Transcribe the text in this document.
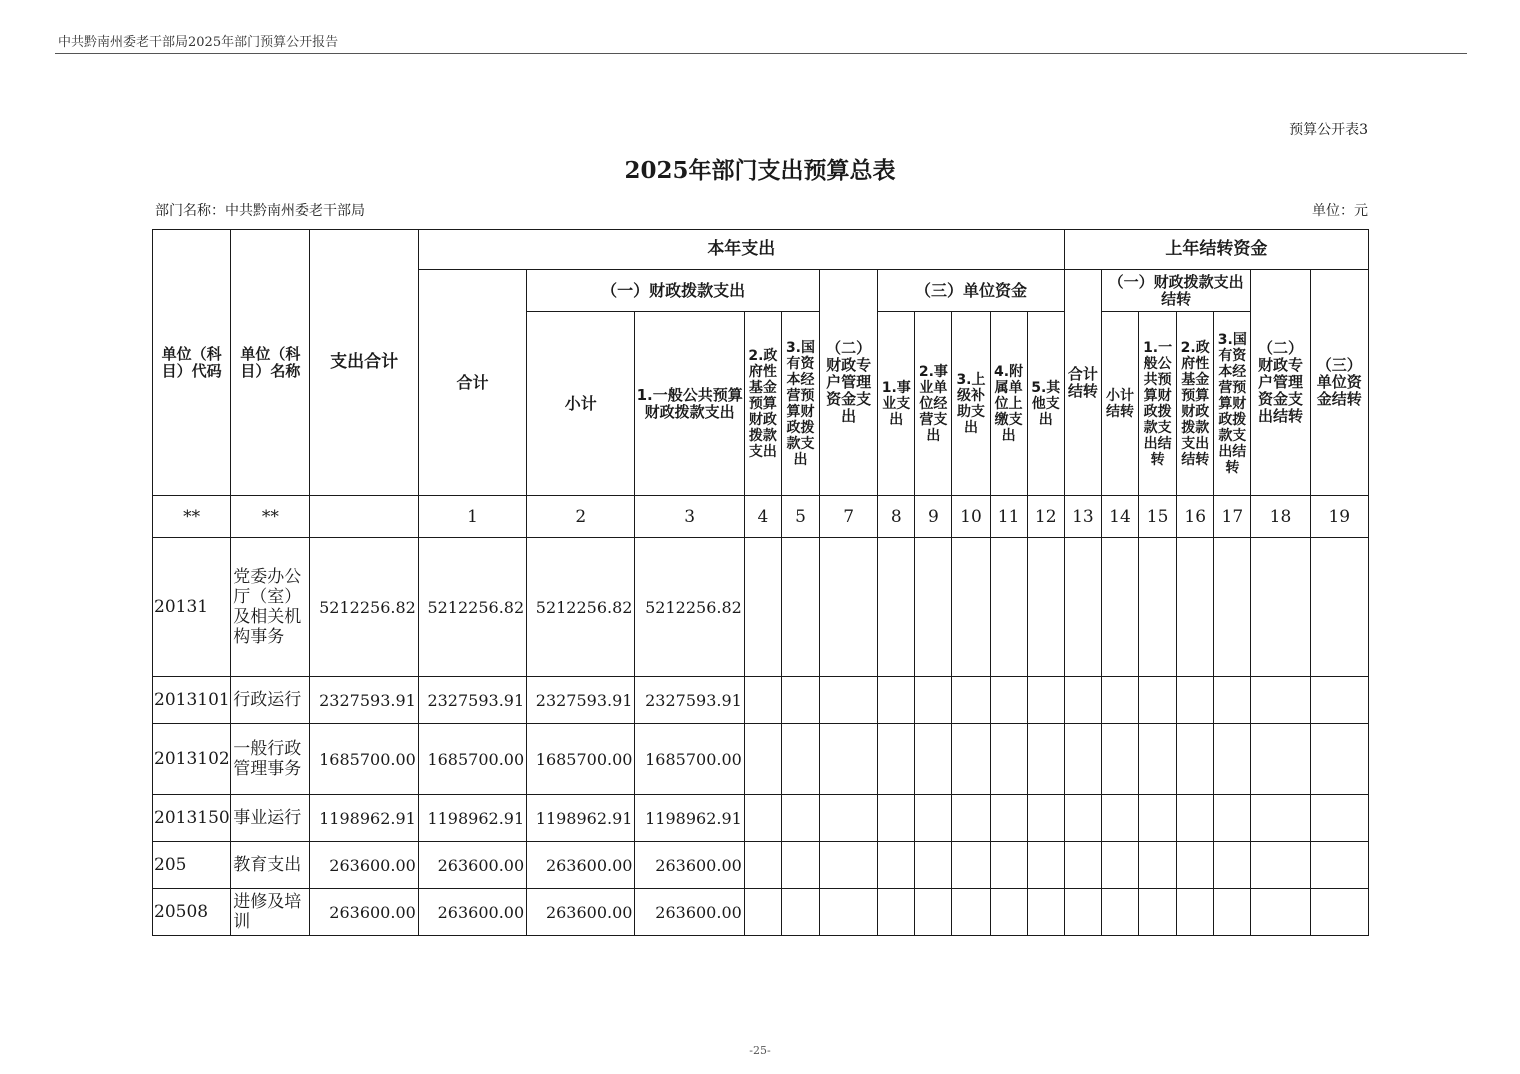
中共黔南州委老干部局2025年部门预算公开报告
预算公开表3
2025年部门支出预算总表
部门名称：中共黔南州委老干部局	单位：元
单位（科目）代码	单位（科目）名称	支出合计	本年支出											上年结转资金						
			合计	（一）财政拨款支出				（二）财政专户管理资金支出	（三）单位资金					合计结转	（一）财政拨款支出结转				（二）财政专户管理资金支出结转	（三）单位资金结转
				小计	1.一般公共预算财政拨款支出	2.政府性基金预算财政拨款支出	3.国有资本经营预算财政拨款支出		1.事业支出	2.事业单位经营支出	3.上级补助支出	4.附属单位上缴支出	5.其他支出		小计结转	1.一般公共预算财政拨款支出结转	2.政府性基金预算财政拨款支出结转	3.国有资本经营预算财政拨款支出结转		
**	**		1	2	3	4	5	7	8	9	10	11	12	13	14	15	16	17	18	19
20131	党委办公厅（室）及相关机构事务	5212256.82	5212256.82	5212256.82	5212256.82															
2013101	行政运行	2327593.91	2327593.91	2327593.91	2327593.91															
2013102	一般行政管理事务	1685700.00	1685700.00	1685700.00	1685700.00															
2013150	事业运行	1198962.91	1198962.91	1198962.91	1198962.91															
205	教育支出	263600.00	263600.00	263600.00	263600.00															
20508	进修及培训	263600.00	263600.00	263600.00	263600.00															
-25-
